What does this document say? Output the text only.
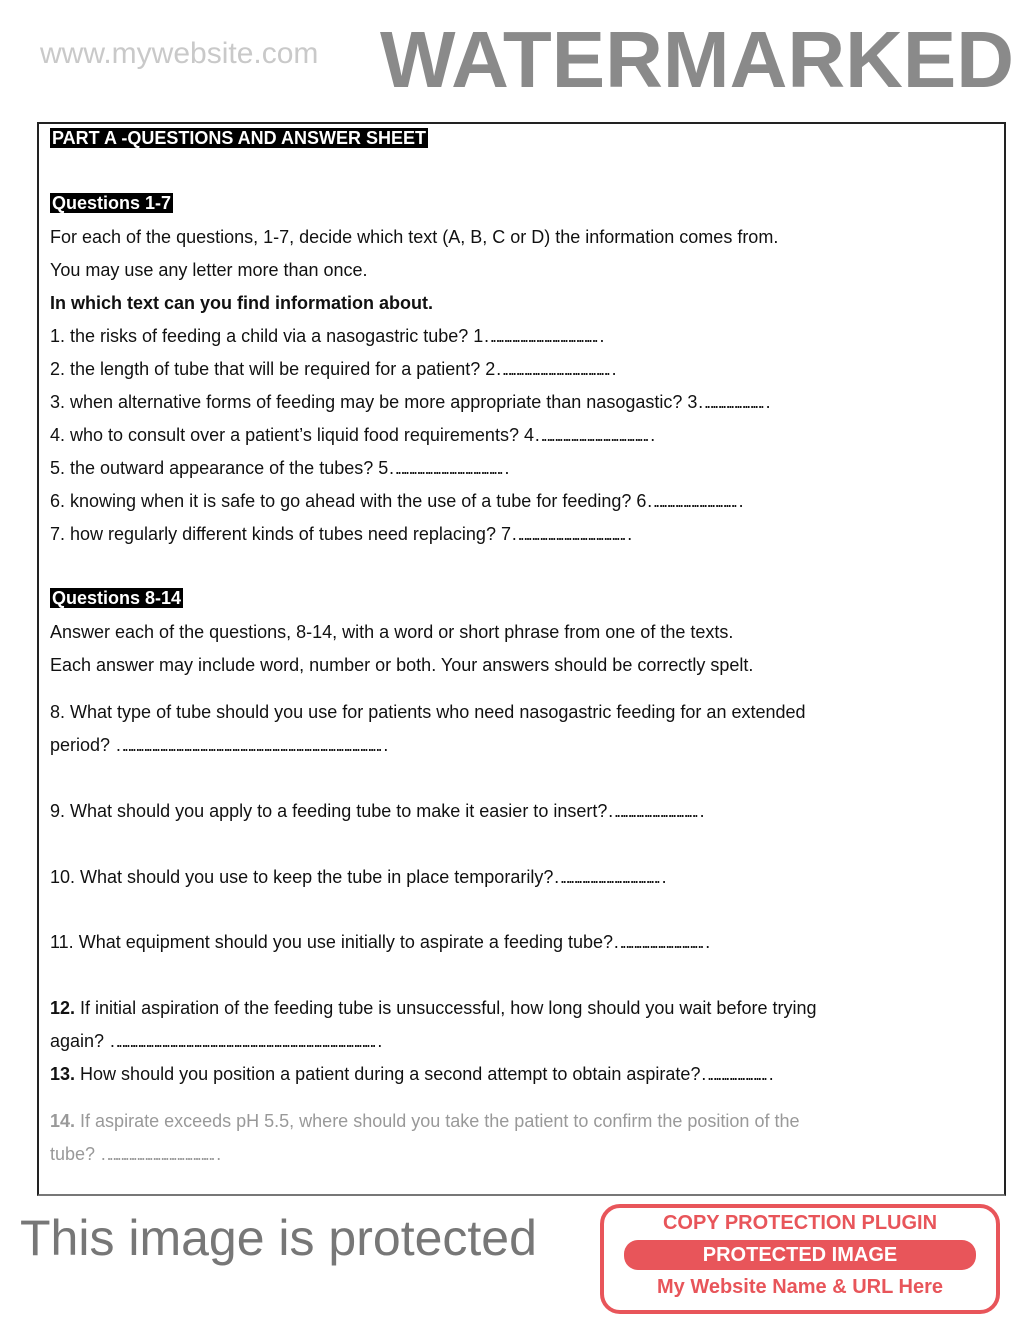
www.mywebsite.com WATERMARKED
PART A -QUESTIONS AND ANSWER SHEET
Questions 1-7
For each of the questions, 1-7, decide which text (A, B, C or D) the information comes from.
You may use any letter more than once.
In which text can you find information about.
1. the risks of feeding a child via a nasogastric tube? 1……………………………………
2. the length of tube that will be required for a patient? 2……………………………………
3. when alternative forms of feeding may be more appropriate than nasogastic? 3……………………
4. who to consult over a patient’s liquid food requirements? 4……………………………………
5. the outward appearance of the tubes? 5……………………………………
6. knowing when it is safe to go ahead with the use of a tube for feeding? 6……………………………
7. how regularly different kinds of tubes need replacing? 7……………………………………
Questions 8-14
Answer each of the questions, 8-14, with a word or short phrase from one of the texts.
Each answer may include word, number or both. Your answers should be correctly spelt.
8. What type of tube should you use for patients who need nasogastric feeding for an extended
period? ………………………………………………………………………………………
9. What should you apply to a feeding tube to make it easier to insert?……………………………
10. What should you use to keep the tube in place temporarily?…………………………………
11. What equipment should you use initially to aspirate a feeding tube?……………………………
12. If initial aspiration of the feeding tube is unsuccessful, how long should you wait before trying
again? ………………………………………………………………………………………
13. How should you position a patient during a second attempt to obtain aspirate?……………………
14. If aspirate exceeds pH 5.5, where should you take the patient to confirm the position of the
tube? ……………………………………
This image is protected	COPY PROTECTION PLUGIN
PROTECTED IMAGE
My Website Name & URL Here
